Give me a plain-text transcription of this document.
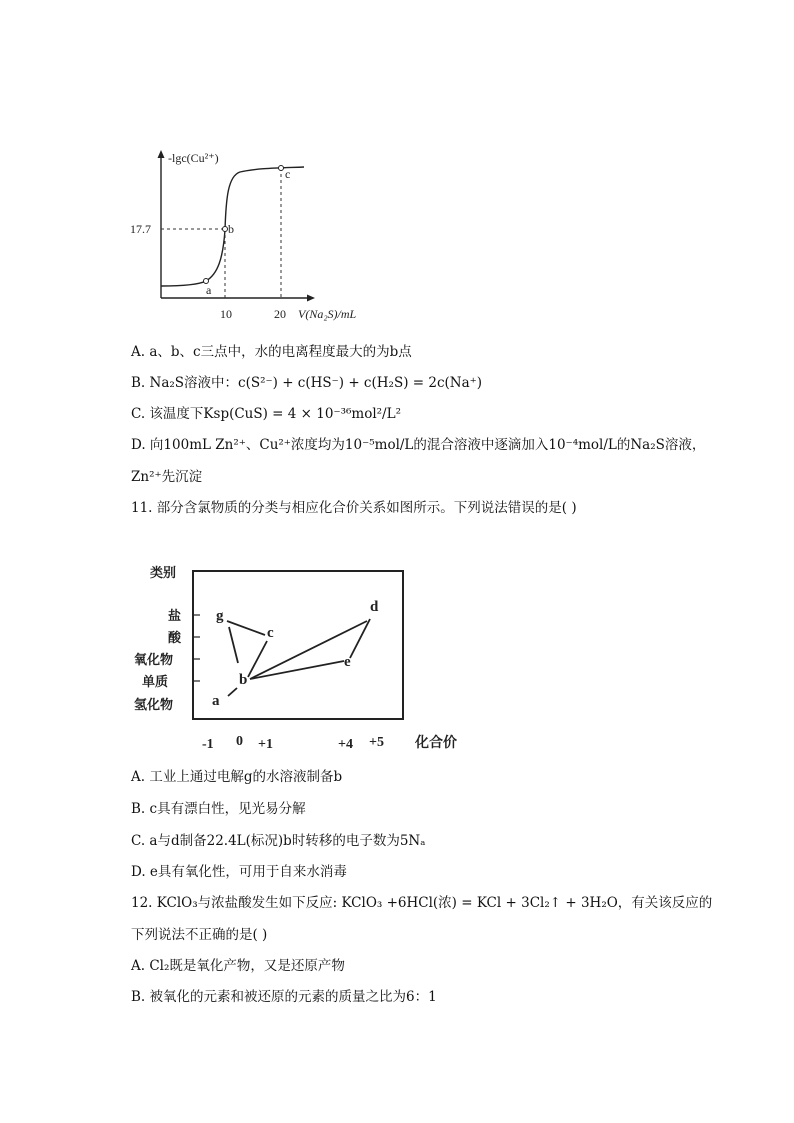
-lgc(Cu²⁺)
17.7
10	20 V(Na₂S)/mL
a
b
c
A. a、b、c三点中，水的电离程度最大的为b点
B. Na₂S溶液中：c(S²⁻) + c(HS⁻) + c(H₂S) = 2c(Na⁺)
C. 该温度下Ksp(CuS) = 4 × 10⁻³⁶mol²/L²
D. 向100mL Zn²⁺、Cu²⁺浓度均为10⁻⁵mol/L的混合溶液中逐滴加入10⁻⁴mol/L的Na₂S溶液，
Zn²⁺先沉淀
11. 部分含氯物质的分类与相应化合价关系如图所示。下列说法错误的是( )
类别
盐
酸
氧化物
单质
氢化物
g
c
b
a
d
e
-1 0 +1	+4 +5 化合价
A. 工业上通过电解g的水溶液制备b
B. c具有漂白性，见光易分解
C. a与d制备22.4L(标况)b时转移的电子数为5Nₐ
D. e具有氧化性，可用于自来水消毒
12. KClO₃与浓盐酸发生如下反应: KClO₃ +6HCl(浓) = KCl + 3Cl₂↑ + 3H₂O，有关该反应的
下列说法不正确的是( )
A. Cl₂既是氧化产物，又是还原产物
B. 被氧化的元素和被还原的元素的质量之比为6：1
